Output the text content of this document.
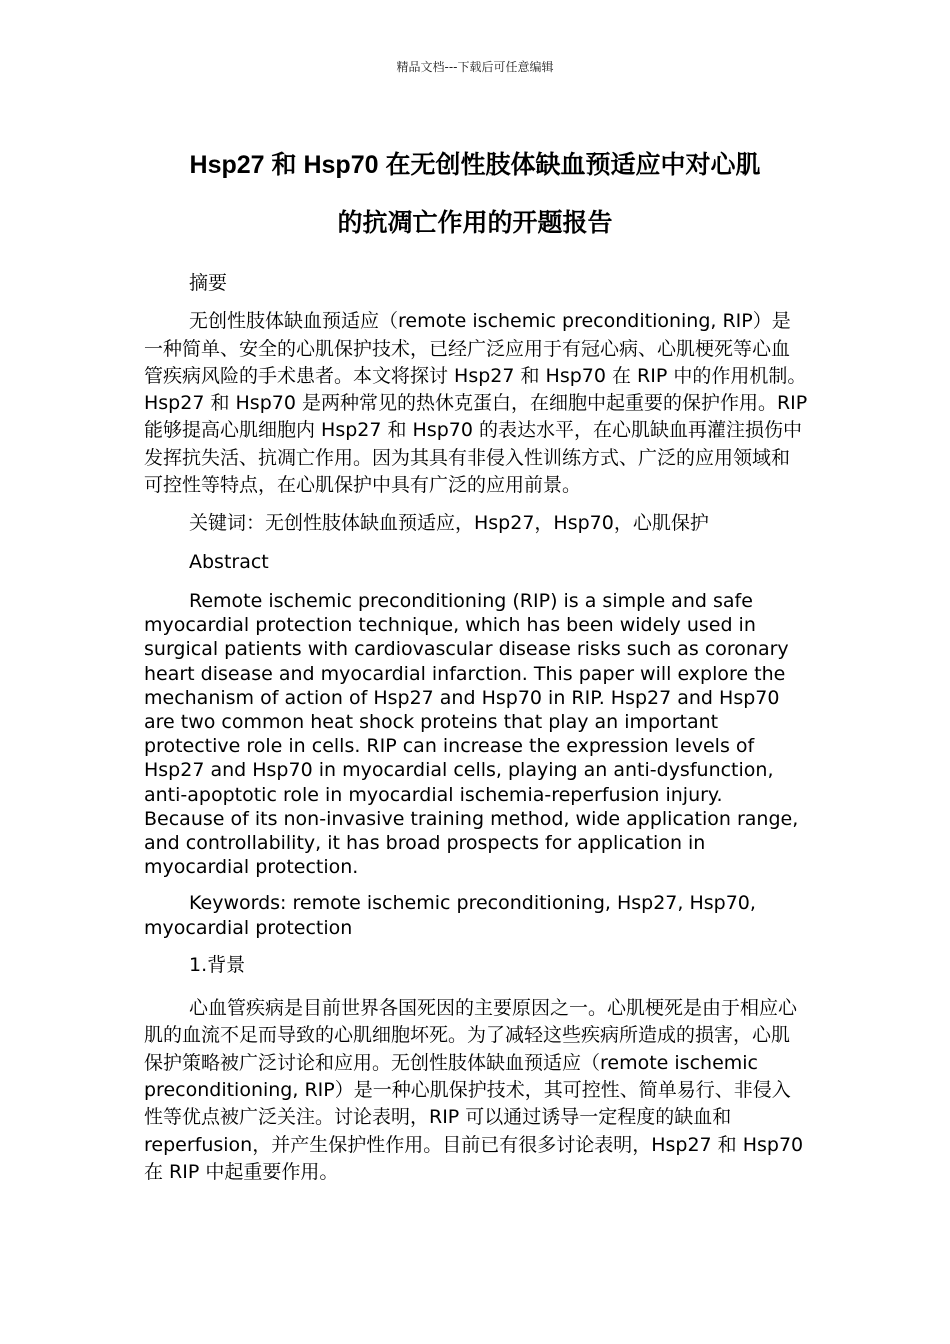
精品文档---下载后可任意编辑
Hsp27 和 Hsp70 在无创性肢体缺血预适应中对心肌
的抗凋亡作用的开题报告

摘要

无创性肢体缺血预适应（remote ischemic preconditioning, RIP）是一种简单、安全的心肌保护技术，已经广泛应用于有冠心病、心肌梗死等心血管疾病风险的手术患者。本文将探讨 Hsp27 和 Hsp70 在 RIP 中的作用机制。Hsp27 和 Hsp70 是两种常见的热休克蛋白，在细胞中起重要的保护作用。RIP 能够提高心肌细胞内 Hsp27 和 Hsp70 的表达水平，在心肌缺血再灌注损伤中发挥抗失活、抗凋亡作用。因为其具有非侵入性训练方式、广泛的应用领域和可控性等特点，在心肌保护中具有广泛的应用前景。

关键词：无创性肢体缺血预适应，Hsp27，Hsp70，心肌保护

Abstract

Remote ischemic preconditioning (RIP) is a simple and safe myocardial protection technique, which has been widely used in surgical patients with cardiovascular disease risks such as coronary heart disease and myocardial infarction. This paper will explore the mechanism of action of Hsp27 and Hsp70 in RIP. Hsp27 and Hsp70 are two common heat shock proteins that play an important protective role in cells. RIP can increase the expression levels of Hsp27 and Hsp70 in myocardial cells, playing an anti-dysfunction, anti-apoptotic role in myocardial ischemia-reperfusion injury. Because of its non-invasive training method, wide application range, and controllability, it has broad prospects for application in myocardial protection.

Keywords: remote ischemic preconditioning, Hsp27, Hsp70, myocardial protection

1.背景

心血管疾病是目前世界各国死因的主要原因之一。心肌梗死是由于相应心肌的血流不足而导致的心肌细胞坏死。为了减轻这些疾病所造成的损害，心肌保护策略被广泛讨论和应用。无创性肢体缺血预适应（remote ischemic preconditioning, RIP）是一种心肌保护技术，其可控性、简单易行、非侵入性等优点被广泛关注。讨论表明，RIP 可以通过诱导一定程度的缺血和 reperfusion，并产生保护性作用。目前已有很多讨论表明，Hsp27 和 Hsp70 在 RIP 中起重要作用。
